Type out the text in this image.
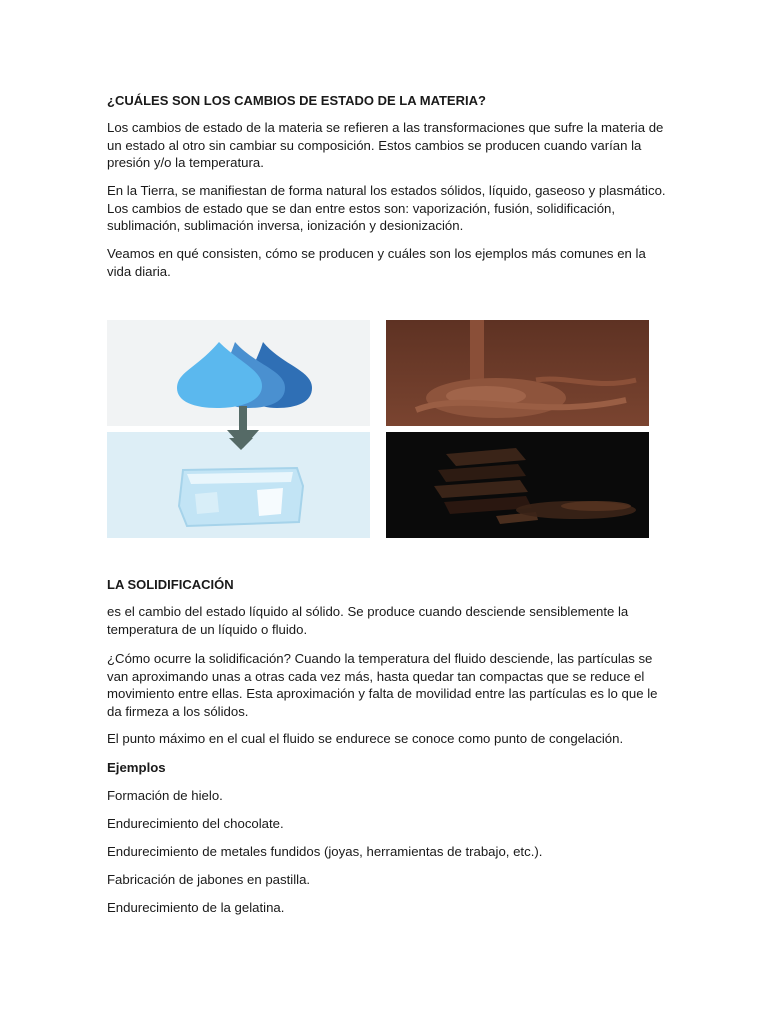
¿CUÁLES SON LOS CAMBIOS DE ESTADO DE LA MATERIA?

Los cambios de estado de la materia se refieren a las transformaciones que sufre la materia de un estado al otro sin cambiar su composición. Estos cambios se producen cuando varían la presión y/o la temperatura.

En la Tierra, se manifiestan de forma natural los estados sólidos, líquido, gaseoso y plasmático. Los cambios de estado que se dan entre estos son: vaporización, fusión, solidificación, sublimación, sublimación inversa, ionización y desionización.

Veamos en qué consisten, cómo se producen y cuáles son los ejemplos más comunes en la vida diaria.

LA SOLIDIFICACIÓN

es el cambio del estado líquido al sólido. Se produce cuando desciende sensiblemente la temperatura de un líquido o fluido.

¿Cómo ocurre la solidificación? Cuando la temperatura del fluido desciende, las partículas se van aproximando unas a otras cada vez más, hasta quedar tan compactas que se reduce el movimiento entre ellas. Esta aproximación y falta de movilidad entre las partículas es lo que le da firmeza a los sólidos.

El punto máximo en el cual el fluido se endurece se conoce como punto de congelación.

Ejemplos
Formación de hielo.
Endurecimiento del chocolate.
Endurecimiento de metales fundidos (joyas, herramientas de trabajo, etc.).
Fabricación de jabones en pastilla.
Endurecimiento de la gelatina.
